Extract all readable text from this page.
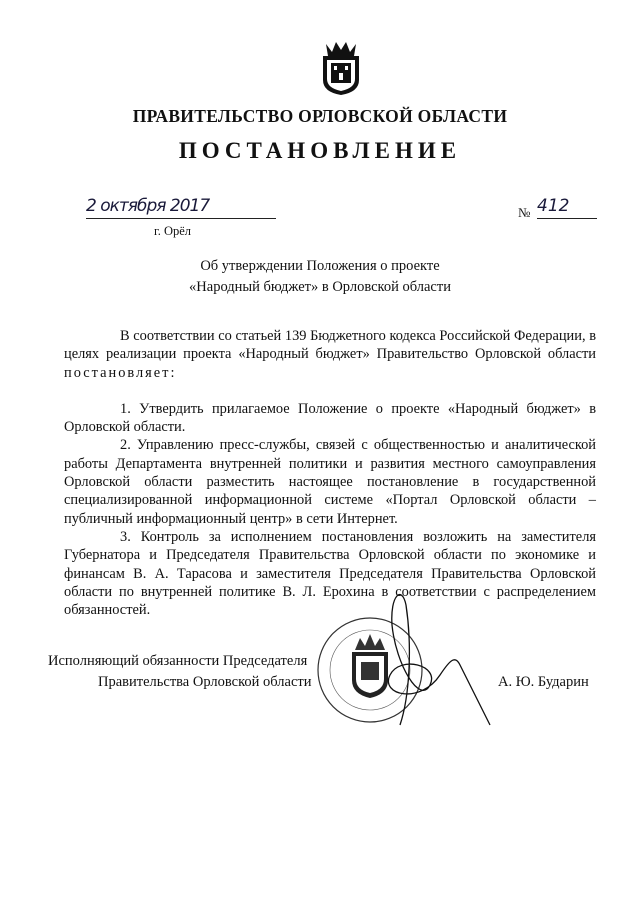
ПРАВИТЕЛЬСТВО ОРЛОВСКОЙ ОБЛАСТИ
ПОСТАНОВЛЕНИЕ
2 октября 2017
г. Орёл
№ 412
Об утверждении Положения о проекте
«Народный бюджет» в Орловской области

В соответствии со статьей 139 Бюджетного кодекса Российской Федерации, в целях реализации проекта «Народный бюджет» Правительство Орловской области постановляет:

1. Утвердить прилагаемое Положение о проекте «Народный бюджет» в Орловской области.

2. Управлению пресс-службы, связей с общественностью и аналитической работы Департамента внутренней политики и развития местного самоуправления Орловской области разместить настоящее постановление в государственной специализированной информационной системе «Портал Орловской области – публичный информационный центр» в сети Интернет.

3. Контроль за исполнением постановления возложить на заместителя Губернатора и Председателя Правительства Орловской области по экономике и финансам В. А. Тарасова и заместителя Председателя Правительства Орловской области по внутренней политике В. Л. Ерохина в соответствии с распределением обязанностей.

Исполняющий обязанности Председателя
Правительства Орловской области	А. Ю. Бударин
